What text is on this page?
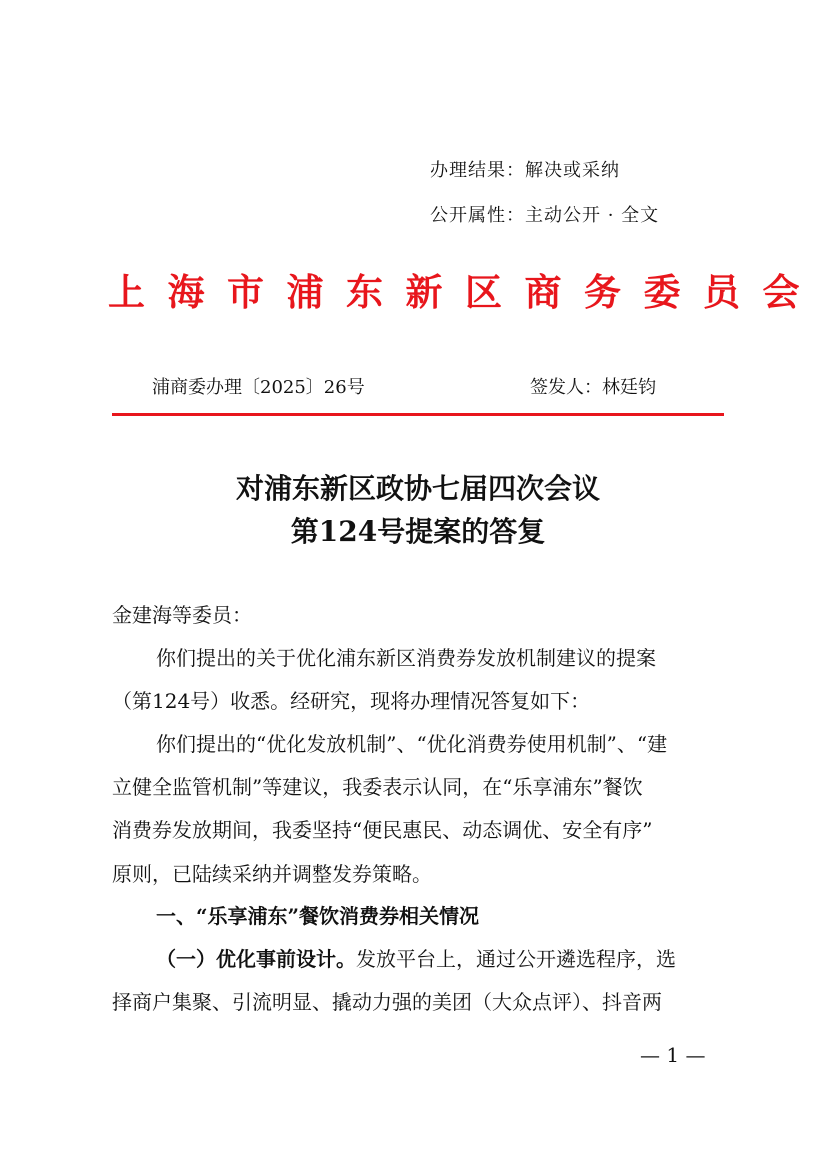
办理结果：解决或采纳
公开属性：主动公开 · 全文
上海市浦东新区商务委员会
浦商委办理〔2025〕26号	签发人：林廷钧
对浦东新区政协七届四次会议
第124号提案的答复
金建海等委员：
你们提出的关于优化浦东新区消费券发放机制建议的提案
（第124号）收悉。经研究，现将办理情况答复如下：
你们提出的“优化发放机制”、“优化消费券使用机制”、“建
立健全监管机制”等建议，我委表示认同，在“乐享浦东”餐饮
消费券发放期间，我委坚持“便民惠民、动态调优、安全有序”
原则，已陆续采纳并调整发券策略。
一、“乐享浦东”餐饮消费券相关情况
（一）优化事前设计。发放平台上，通过公开遴选程序，选
择商户集聚、引流明显、撬动力强的美团（大众点评）、抖音两
— 1 —
